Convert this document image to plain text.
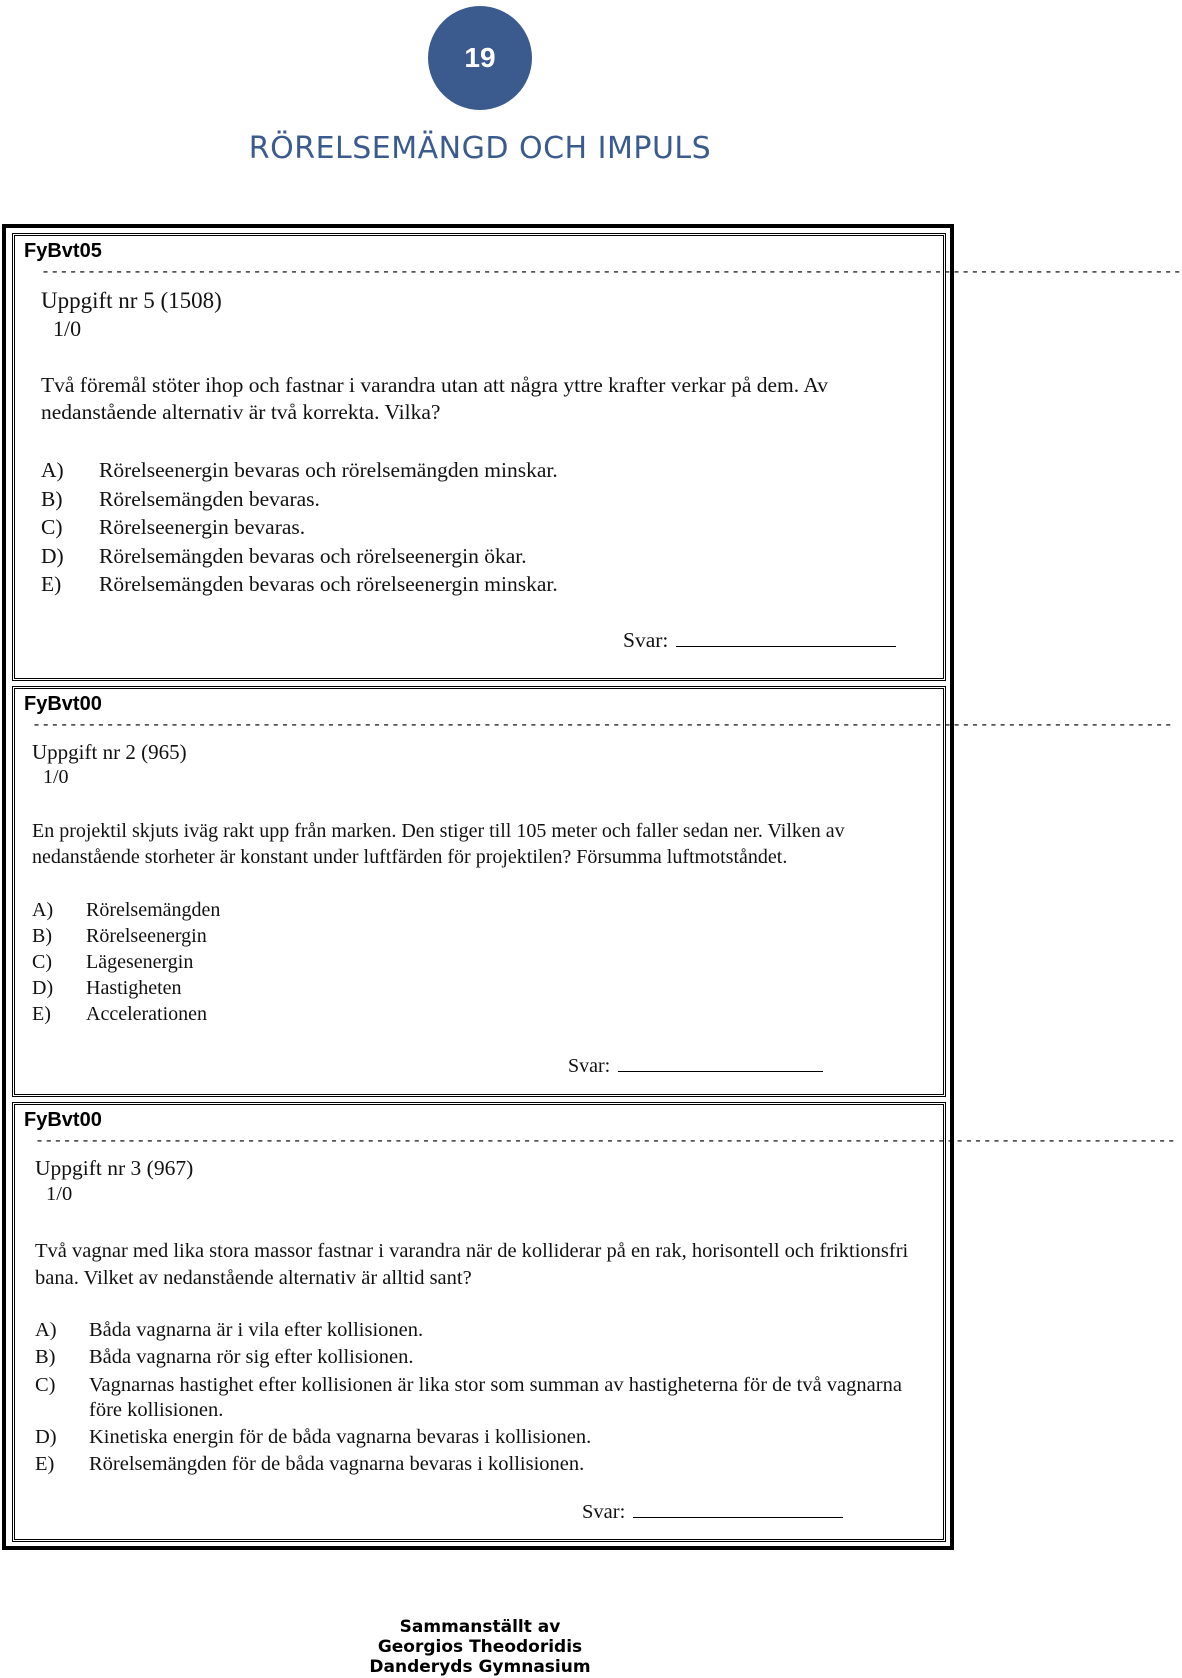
19
RÖRELSEMÄNGD OCH IMPULS
FyBvt05
----------------------------------------------------------------------------------------------------------------------------
Uppgift nr 5 (1508)
1/0
Två föremål stöter ihop och fastnar i varandra utan att några yttre krafter verkar på dem. Av nedanstående alternativ är två korrekta. Vilka?
A) Rörelseenergin bevaras och rörelsemängden minskar.
B) Rörelsemängden bevaras.
C) Rörelseenergin bevaras.
D) Rörelsemängden bevaras och rörelseenergin ökar.
E) Rörelsemängden bevaras och rörelseenergin minskar.
Svar:
FyBvt00
----------------------------------------------------------------------------------------------------------------------------
Uppgift nr 2 (965)
1/0
En projektil skjuts iväg rakt upp från marken. Den stiger till 105 meter och faller sedan ner. Vilken av nedanstående storheter är konstant under luftfärden för projektilen? Försumma luftmotståndet.
A) Rörelsemängden
B) Rörelseenergin
C) Lägesenergin
D) Hastigheten
E) Accelerationen
Svar:
FyBvt00
----------------------------------------------------------------------------------------------------------------------------
Uppgift nr 3 (967)
1/0
Två vagnar med lika stora massor fastnar i varandra när de kolliderar på en rak, horisontell och friktionsfri bana. Vilket av nedanstående alternativ är alltid sant?
A) Båda vagnarna är i vila efter kollisionen.
B) Båda vagnarna rör sig efter kollisionen.
C) Vagnarnas hastighet efter kollisionen är lika stor som summan av hastigheterna för de två vagnarna före kollisionen.
D) Kinetiska energin för de båda vagnarna bevaras i kollisionen.
E) Rörelsemängden för de båda vagnarna bevaras i kollisionen.
Svar:
Sammanställt av
Georgios Theodoridis
Danderyds Gymnasium
